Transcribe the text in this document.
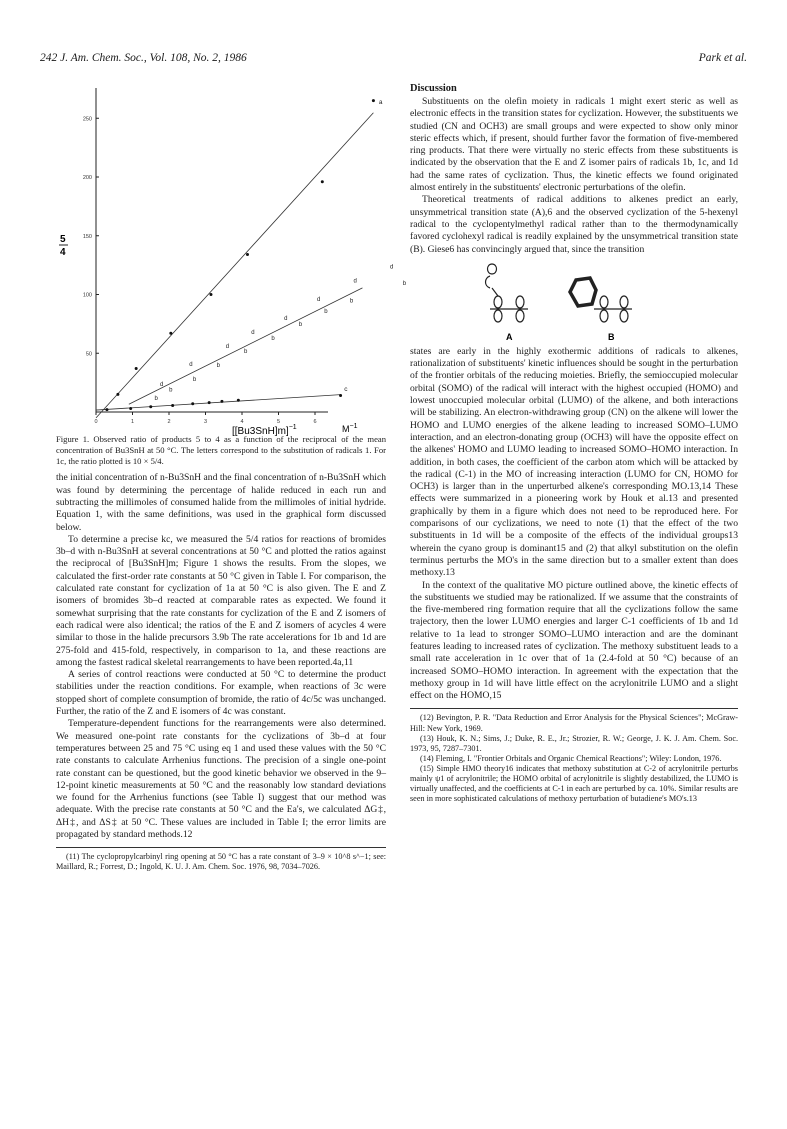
242 J. Am. Chem. Soc., Vol. 108, No. 2, 1986	Park et al.
250
200
150
100
50
0	1	2	3	4	5	6
b
b
b
b
b
b
b
b
b
b
d
d
d
d
d
d
d
d
a
c
5
4
$[[Bu3SnH]m]^{-1}$	$M^{-1}$

Figure 1. Observed ratio of products 5 to 4 as a function of the reciprocal of the mean concentration of Bu3SnH at 50 °C. The letters correspond to the substitution of radicals 1. For 1c, the ratio plotted is 10 × 5/4.

the initial concentration of n-Bu3SnH and the final concentration of n-Bu3SnH which was found by determining the percentage of halide reduced in each run and subtracting the millimoles of consumed halide from the millimoles of initial hydride. Equation 1, with the same definitions, was used in the graphical form discussed below.

To determine a precise kc, we measured the 5/4 ratios for reactions of bromides 3b–d with n-Bu3SnH at several concentrations at 50 °C and plotted the ratios against the reciprocal of [Bu3SnH]m; Figure 1 shows the results. From the slopes, we calculated the first-order rate constants at 50 °C given in Table I. For comparison, the calculated rate constant for cyclization of 1a at 50 °C is also given. The E and Z isomers of bromides 3b–d reacted at comparable rates as expected. We found it somewhat surprising that the rate constants for cyclization of the E and Z isomers of each radical were also identical; the ratios of the E and Z isomers of acycles 4 were similar to those in the halide precursors 3.9b The rate accelerations for 1b and 1d are 275-fold and 415-fold, respectively, in comparison to 1a, and these reactions are among the fastest radical skeletal rearrangements to have been reported.4a,11

A series of control reactions were conducted at 50 °C to determine the product stabilities under the reaction conditions. For example, when reactions of 3c were stopped short of complete consumption of bromide, the ratio of 4c/5c was unchanged. Further, the ratio of the Z and E isomers of 4c was constant.

Temperature-dependent functions for the rearrangements were also determined. We measured one-point rate constants for the cyclizations of 3b–d at four temperatures between 25 and 75 °C using eq 1 and used these values with the 50 °C rate constants to calculate Arrhenius functions. The precision of a single one-point rate constant can be questioned, but the good kinetic behavior we observed in the 9–12-point kinetic measurements at 50 °C and the reasonably low standard deviations we found for the Arrhenius functions (see Table I) suggest that our method was adequate. With the precise rate constants at 50 °C and the Ea's, we calculated ΔG‡, ΔH‡, and ΔS‡ at 50 °C. These values are included in Table I; the error limits are propagated by standard methods.12

(11) The cyclopropylcarbinyl ring opening at 50 °C has a rate constant of 3–9 × 10^8 s^−1; see: Maillard, R.; Forrest, D.; Ingold, K. U. J. Am. Chem. Soc. 1976, 98, 7034–7026.

Discussion

Substituents on the olefin moiety in radicals 1 might exert steric as well as electronic effects in the transition states for cyclization. However, the substituents we studied (CN and OCH3) are small groups and were expected to show only minor steric effects which, if present, should further favor the formation of five-membered ring products. That there were virtually no steric effects from these substituents is indicated by the observation that the E and Z isomer pairs of radicals 1b, 1c, and 1d had the same rates of cyclization. Thus, the kinetic effects we found originated almost entirely in the substituents' electronic perturbations of the olefin.

Theoretical treatments of radical additions to alkenes predict an early, unsymmetrical transition state (A),6 and the observed cyclization of the 5-hexenyl radical to the cyclopentylmethyl radical rather than to the thermodynamically favored cyclohexyl radical is readily explained by the unsymmetrical transition state (B). Giese6 has convincingly argued that, since the transition

A	B

states are early in the highly exothermic additions of radicals to alkenes, rationalization of substituents' kinetic influences should be sought in the perturbation of the frontier orbitals of the reducing moieties. Briefly, the semioccupied molecular orbital (SOMO) of the radical will interact with the highest occupied (HOMO) and lowest unoccupied molecular orbital (LUMO) of the alkene, and both interactions will be stabilizing. An electron-withdrawing group (CN) on the alkene will lower the HOMO and LUMO energies of the alkene leading to increased SOMO–LUMO interaction, and an electron-donating group (OCH3) will have the opposite effect on the alkenes' HOMO and LUMO leading to increased SOMO–HOMO interaction. In addition, in both cases, the coefficient of the carbon atom which will be attacked by the radical (C-1) in the MO of increasing interaction (LUMO for CN, HOMO for OCH3) is larger than in the unperturbed alkene's corresponding MO.13,14 These effects were summarized in a pioneering work by Houk et al.13 and presented graphically by them in a figure which does not need to be reproduced here. For comparisons of our cyclizations, we need to note (1) that the effect of the two substituents in 1d will be a composite of the effects of the individual groups13 wherein the cyano group is dominant15 and (2) that alkyl substitution on the olefin terminus perturbs the MO's in the same direction but to a smaller extent than does methoxy.13

In the context of the qualitative MO picture outlined above, the kinetic effects of the substituents we studied may be rationalized. If we assume that the constraints of the five-membered ring formation require that all the cyclizations follow the same trajectory, then the lower LUMO energies and larger C-1 coefficients of 1b and 1d relative to 1a lead to stronger SOMO–LUMO interaction and are the dominant features leading to increased rates of cyclization. The methoxy substituent leads to a small rate acceleration in 1c over that of 1a (2.4-fold at 50 °C) because of an increased SOMO–HOMO interaction. In agreement with the expectation that the methoxy group in 1d will have little effect on the acrylonitrile LUMO and a slight effect on the HOMO,15

(12) Bevington, P. R. "Data Reduction and Error Analysis for the Physical Sciences"; McGraw-Hill: New York, 1969.

(13) Houk, K. N.; Sims, J.; Duke, R. E., Jr.; Strozier, R. W.; George, J. K. J. Am. Chem. Soc. 1973, 95, 7287–7301.

(14) Fleming, I. "Frontier Orbitals and Organic Chemical Reactions"; Wiley: London, 1976.

(15) Simple HMO theory16 indicates that methoxy substitution at C-2 of acrylonitrile perturbs mainly ψ1 of acrylonitrile; the HOMO orbital of acrylonitrile is slightly destabilized, the LUMO is virtually unaffected, and the coefficients at C-1 in each are perturbed by ca. 10%. Similar results are seen in more sophisticated calculations of methoxy perturbation of butadiene's MO's.13
